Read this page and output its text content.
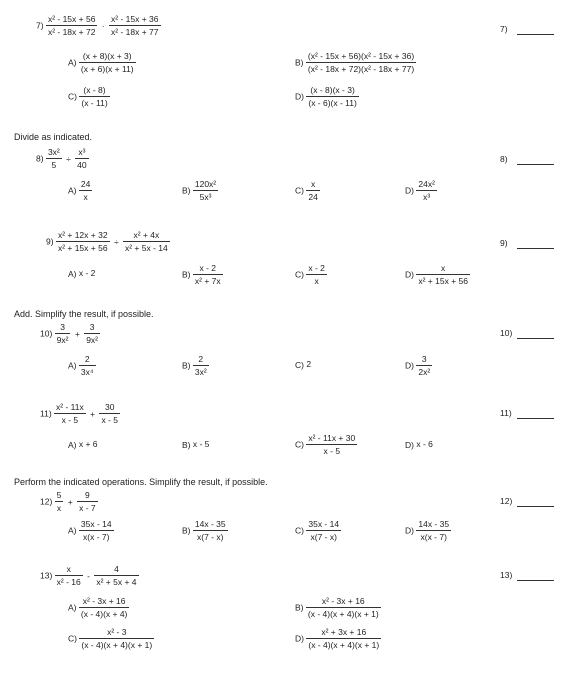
$7) \frac{\text{x² - 15x + 56}}{\text{x² - 18x + 72}} \cdot \frac{\text{x² - 15x + 36}}{\text{x² - 18x + 77}}$	7)
$A) \frac{(x + 8)(x + 3)}{(x + 6)(x + 11)}$	$B) \frac{\text{(x² - 15x + 56)(x² - 15x + 36)}}{\text{(x² - 18x + 72)(x² - 18x + 77)}}$
$C) \frac{(x - 8)}{(x - 11)}$	$D) \frac{(x - 8)(x - 3)}{(x - 6)(x - 11)}$
Divide as indicated.
$8) \frac{\text{3x²}}{5} \div \frac{\text{x³}}{40}$	8)
$A) \frac{24}{x}$	$B) \frac{\text{120x²}}{\text{5x³}}$	$C) \frac{x}{24}$	$D) \frac{\text{24x²}}{\text{x³}}$
$9) \frac{\text{x² + 12x + 32}}{\text{x² + 15x + 56}} \div \frac{\text{x² + 4x}}{\text{x² + 5x - 14}}$	9)
A) x - 2	$B) \frac{x - 2}{\text{x² + 7x}}$	$C) \frac{x - 2}{x}$	$D) \frac{x}{\text{x² + 15x + 56}}$
Add. Simplify the result, if possible.
$10) \frac{3}{\text{9x²}} + \frac{3}{\text{9x²}}$	10)
$A) \frac{2}{\text{3x⁴}}$	$B) \frac{2}{\text{3x²}}$	C) 2	$D) \frac{3}{\text{2x²}}$
$11) \frac{\text{x² - 11x}}{x - 5} + \frac{30}{x - 5}$	11)
A) x + 6	B) x - 5	$C) \frac{\text{x² - 11x + 30}}{x - 5}$	D) x - 6
Perform the indicated operations. Simplify the result, if possible.
$12) \frac{5}{x} + \frac{9}{x - 7}$	12)
$A) \frac{35x - 14}{x(x - 7)}$	$B) \frac{14x - 35}{x(7 - x)}$	$C) \frac{35x - 14}{x(7 - x)}$	$D) \frac{14x - 35}{x(x - 7)}$
$13) \frac{x}{\text{x² - 16}} - \frac{4}{\text{x² + 5x + 4}}$	13)
$A) \frac{\text{x² - 3x + 16}}{(x - 4)(x + 4)}$	$B) \frac{\text{x² - 3x + 16}}{(x - 4)(x + 4)(x + 1)}$
$C) \frac{\text{x² - 3}}{(x - 4)(x + 4)(x + 1)}$	$D) \frac{\text{x² + 3x + 16}}{(x - 4)(x + 4)(x + 1)}$
